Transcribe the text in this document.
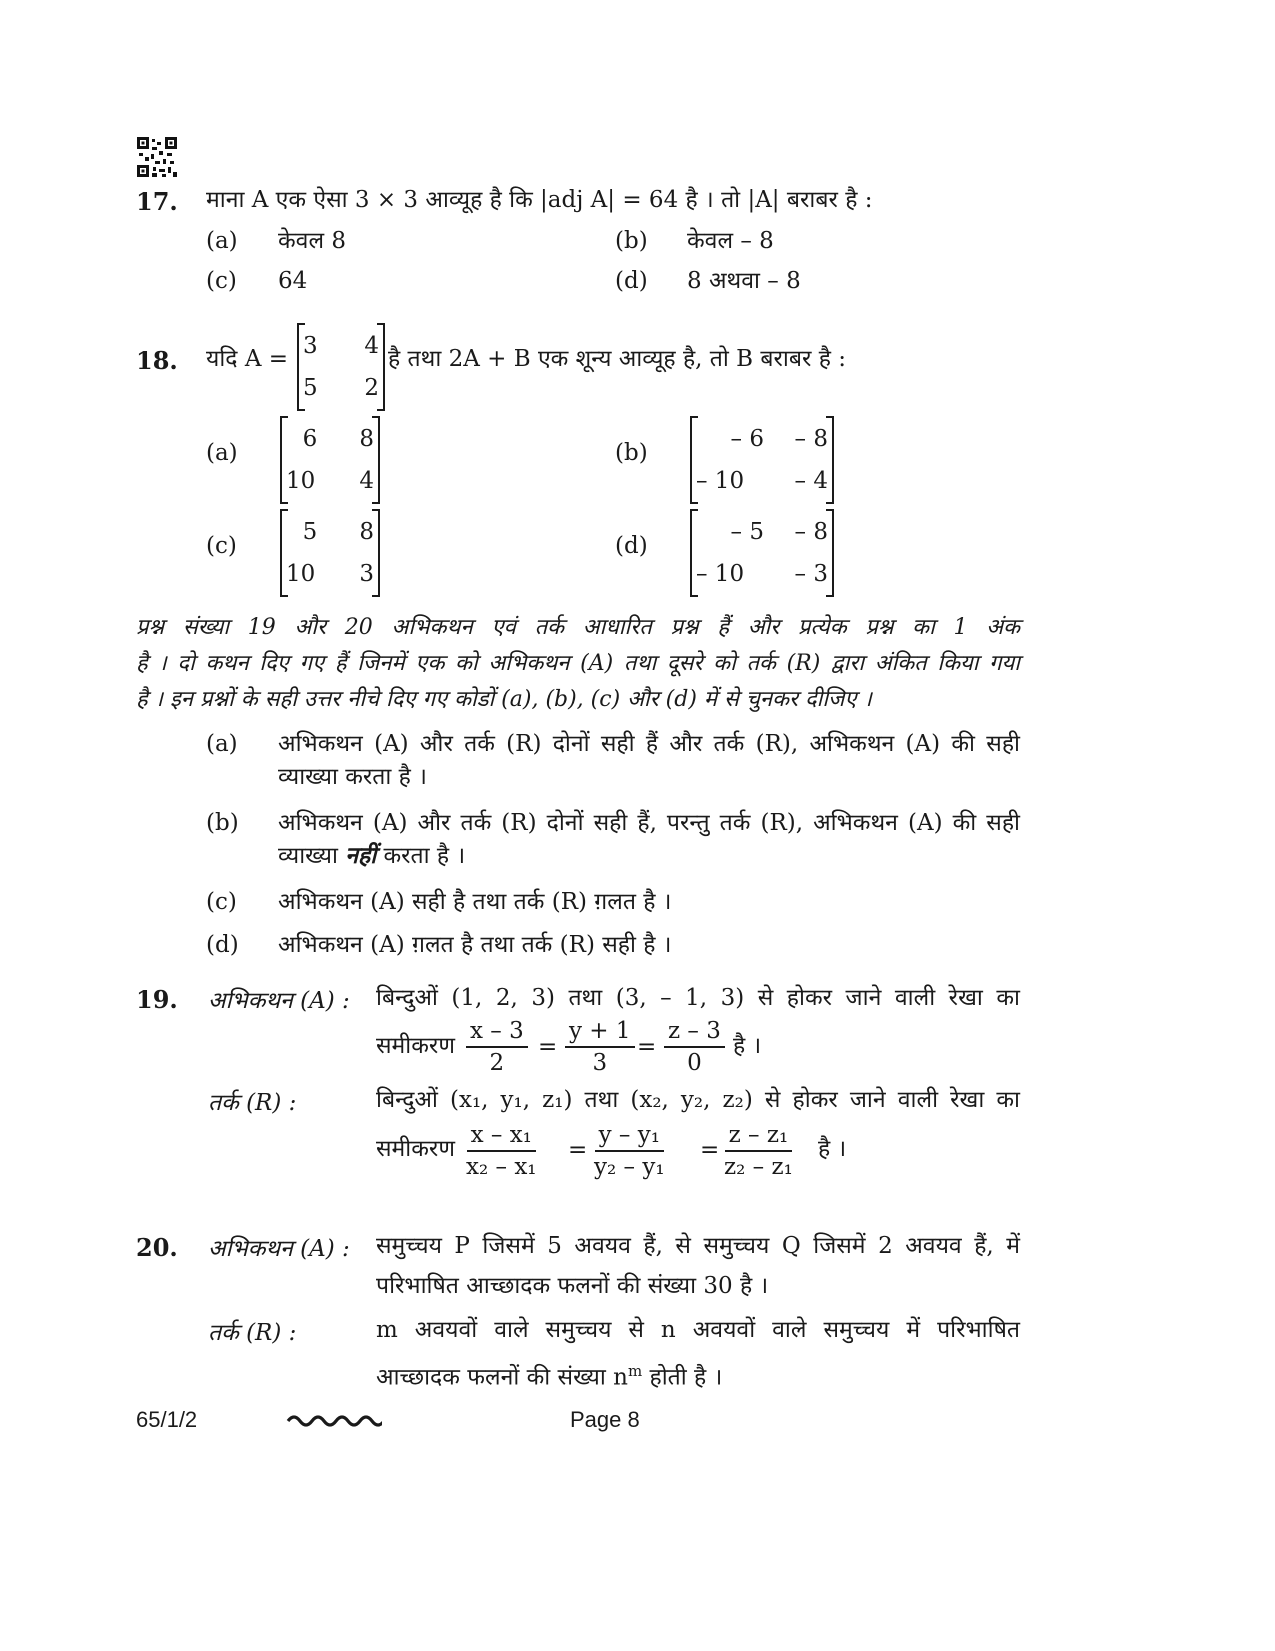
17. माना A एक ऐसा 3 × 3 आव्यूह है कि |adj A| = 64 है । तो |A| बराबर है :
(a) केवल 8	(b) केवल – 8
(c) 64	(d) 8 अथवा – 8
18. यदि A = 3	4
5	2
है तथा 2A + B एक शून्य आव्यूह है, तो B बराबर है :
(a)
6	8
10	4
(b)
– 6	– 8
– 10	– 4
(c)
5	8
10	3
(d)
– 5	– 8
– 10	– 3
प्रश्न संख्या 19 और 20 अभिकथन एवं तर्क आधारित प्रश्न हैं और प्रत्येक प्रश्न का 1 अंक
है । दो कथन दिए गए हैं जिनमें एक को अभिकथन (A) तथा दूसरे को तर्क (R) द्वारा अंकित किया गया
है । इन प्रश्नों के सही उत्तर नीचे दिए गए कोडों (a), (b), (c) और (d) में से चुनकर दीजिए ।
(a) अभिकथन (A) और तर्क (R) दोनों सही हैं और तर्क (R), अभिकथन (A) की सही
व्याख्या करता है ।
(b) अभिकथन (A) और तर्क (R) दोनों सही हैं, परन्तु तर्क (R), अभिकथन (A) की सही
व्याख्या नहीं करता है ।
(c) अभिकथन (A) सही है तथा तर्क (R) ग़लत है ।
(d) अभिकथन (A) ग़लत है तथा तर्क (R) सही है ।
19. अभिकथन (A) : बिन्दुओं (1, 2, 3) तथा (3, – 1, 3) से होकर जाने वाली रेखा का
समीकरण $\frac{x - 3}{2} = \frac{y + 1}{3} = \frac{z - 3}{0}$ है ।
तर्क (R) :	बिन्दुओं (x₁, y₁, z₁) तथा (x₂, y₂, z₂) से होकर जाने वाली रेखा का
समीकरण $\frac{\text{x – x₁}}{\text{x₂ – x₁}} = \frac{\text{y – y₁}}{\text{y₂ – y₁}} = \frac{\text{z – z₁}}{\text{z₂ – z₁}}$ है ।
20. अभिकथन (A) : समुच्चय P जिसमें 5 अवयव हैं, से समुच्चय Q जिसमें 2 अवयव हैं, में
परिभाषित आच्छादक फलनों की संख्या 30 है ।
तर्क (R) :	m अवयवों वाले समुच्चय से n अवयवों वाले समुच्चय में परिभाषित
आच्छादक फलनों की संख्या $n^m$ होती है ।
65/1/2	Page 8
